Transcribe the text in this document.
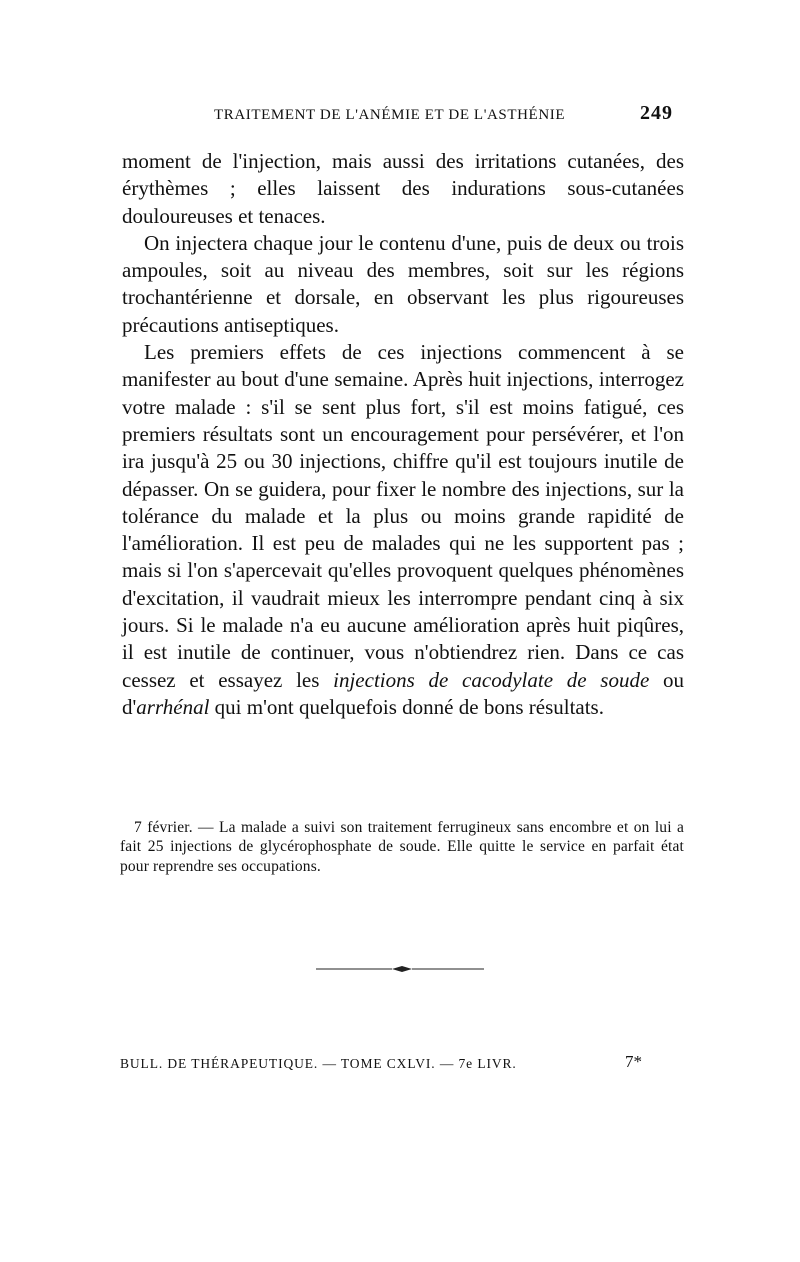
TRAITEMENT DE L'ANÉMIE ET DE L'ASTHÉNIE	249

moment de l'injection, mais aussi des irritations cutanées, des érythèmes ; elles laissent des indurations sous-cutanées douloureuses et tenaces.

On injectera chaque jour le contenu d'une, puis de deux ou trois ampoules, soit au niveau des membres, soit sur les régions trochantérienne et dorsale, en observant les plus rigoureuses précautions antiseptiques.

Les premiers effets de ces injections commencent à se manifester au bout d'une semaine. Après huit injections, interrogez votre malade : s'il se sent plus fort, s'il est moins fatigué, ces premiers résultats sont un encouragement pour persévérer, et l'on ira jusqu'à 25 ou 30 injections, chiffre qu'il est toujours inutile de dépasser. On se guidera, pour fixer le nombre des injections, sur la tolérance du malade et la plus ou moins grande rapidité de l'amélioration. Il est peu de malades qui ne les supportent pas ; mais si l'on s'apercevait qu'elles provoquent quelques phénomènes d'excitation, il vaudrait mieux les interrompre pendant cinq à six jours. Si le malade n'a eu aucune amélioration après huit piqûres, il est inutile de continuer, vous n'obtiendrez rien. Dans ce cas cessez et essayez les injections de cacodylate de soude ou d'arrhénal qui m'ont quelquefois donné de bons résultats.

7 février. — La malade a suivi son traitement ferrugineux sans encombre et on lui a fait 25 injections de glycérophosphate de soude. Elle quitte le service en parfait état pour reprendre ses occupations.

BULL. DE THÉRAPEUTIQUE. — TOME CXLVI. — 7e LIVR.	7*
